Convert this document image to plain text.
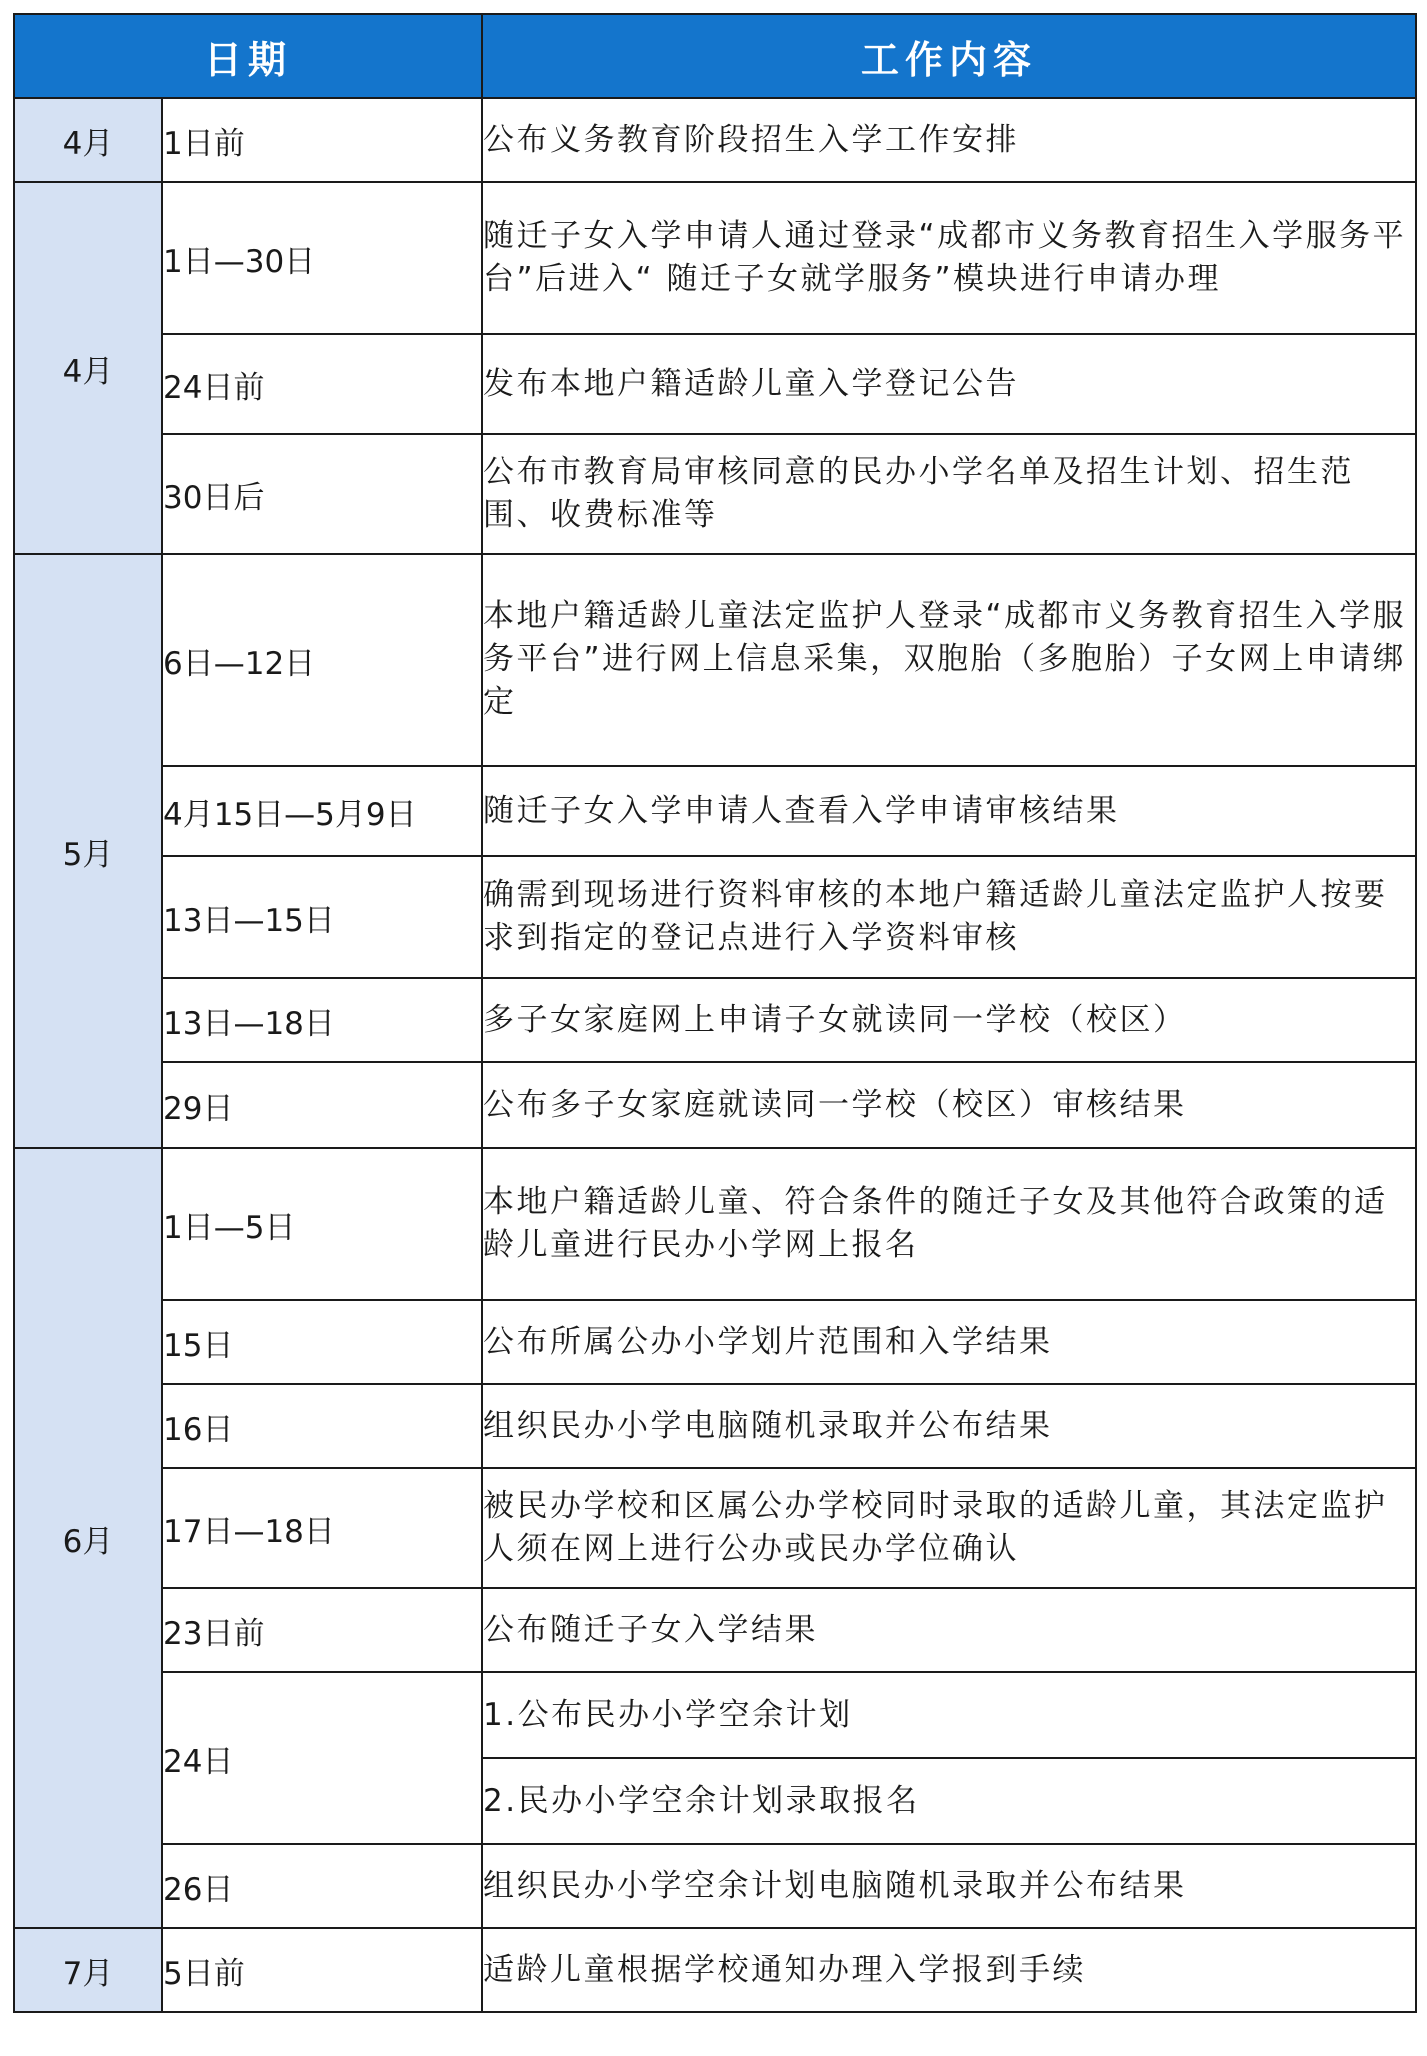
日期		工作内容
4月	1日前	公布义务教育阶段招生入学工作安排
4月	1日—30日	随迁子女入学申请人通过登录“成都市义务教育招生入学服务平台”后进入“ 随迁子女就学服务”模块进行申请办理
	24日前	发布本地户籍适龄儿童入学登记公告
	30日后	公布市教育局审核同意的民办小学名单及招生计划、招生范围、收费标准等
5月	6日—12日	本地户籍适龄儿童法定监护人登录“成都市义务教育招生入学服务平台”进行网上信息采集，双胞胎（多胞胎）子女网上申请绑定
	4月15日—5月9日	随迁子女入学申请人查看入学申请审核结果
	13日—15日	确需到现场进行资料审核的本地户籍适龄儿童法定监护人按要求到指定的登记点进行入学资料审核
	13日—18日	多子女家庭网上申请子女就读同一学校（校区）
	29日	公布多子女家庭就读同一学校（校区）审核结果
6月	1日—5日	本地户籍适龄儿童、符合条件的随迁子女及其他符合政策的适龄儿童进行民办小学网上报名
	15日	公布所属公办小学划片范围和入学结果
	16日	组织民办小学电脑随机录取并公布结果
	17日—18日	被民办学校和区属公办学校同时录取的适龄儿童，其法定监护人须在网上进行公办或民办学位确认
	23日前	公布随迁子女入学结果
	24日	1.公布民办小学空余计划
		2.民办小学空余计划录取报名
	26日	组织民办小学空余计划电脑随机录取并公布结果
7月	5日前	适龄儿童根据学校通知办理入学报到手续
